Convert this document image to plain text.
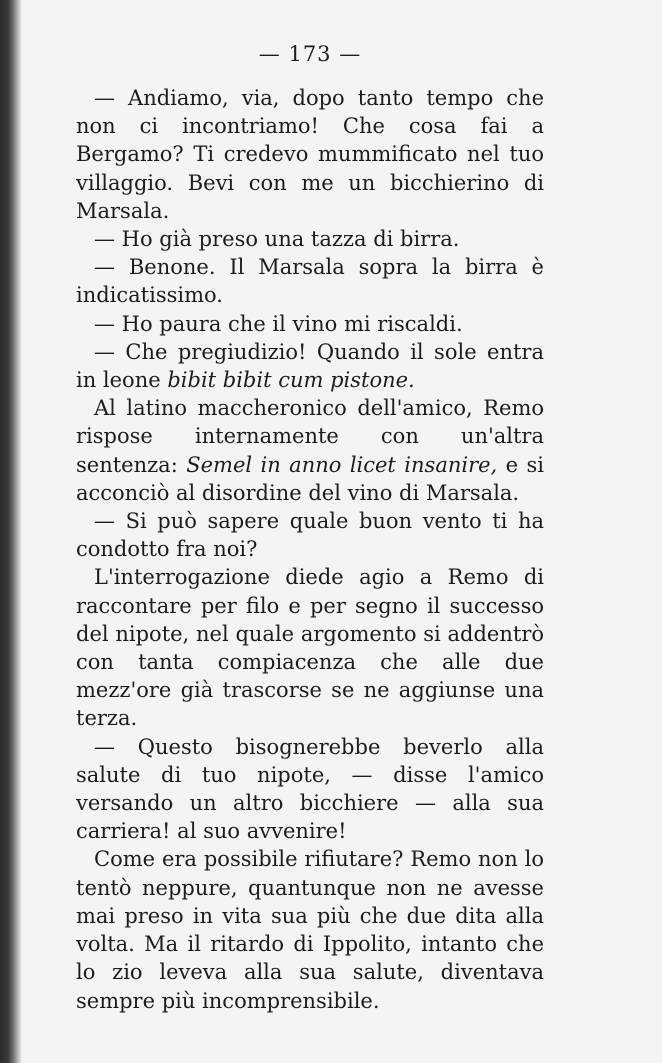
— 173 —

— Andiamo, via, dopo tanto tempo che non ci incontriamo! Che cosa fai a Bergamo? Ti credevo mummificato nel tuo villaggio. Bevi con me un bicchierino di Marsala.

— Ho già preso una tazza di birra.

— Benone. Il Marsala sopra la birra è indicatissimo.

— Ho paura che il vino mi riscaldi.

— Che pregiudizio! Quando il sole entra in leone bibit bibit cum pistone.

Al latino maccheronico dell'amico, Remo rispose internamente con un'altra sentenza: Semel in anno licet insanire, e si acconciò al disordine del vino di Marsala.

— Si può sapere quale buon vento ti ha condotto fra noi?

L'interrogazione diede agio a Remo di raccontare per filo e per segno il successo del nipote, nel quale argomento si addentrò con tanta compiacenza che alle due mezz'ore già trascorse se ne aggiunse una terza.

— Questo bisognerebbe beverlo alla salute di tuo nipote, — disse l'amico versando un altro bicchiere — alla sua carriera! al suo avvenire!

Come era possibile rifiutare? Remo non lo tentò neppure, quantunque non ne avesse mai preso in vita sua più che due dita alla volta. Ma il ritardo di Ippolito, intanto che lo zio leveva alla sua salute, diventava sempre più incomprensibile.
